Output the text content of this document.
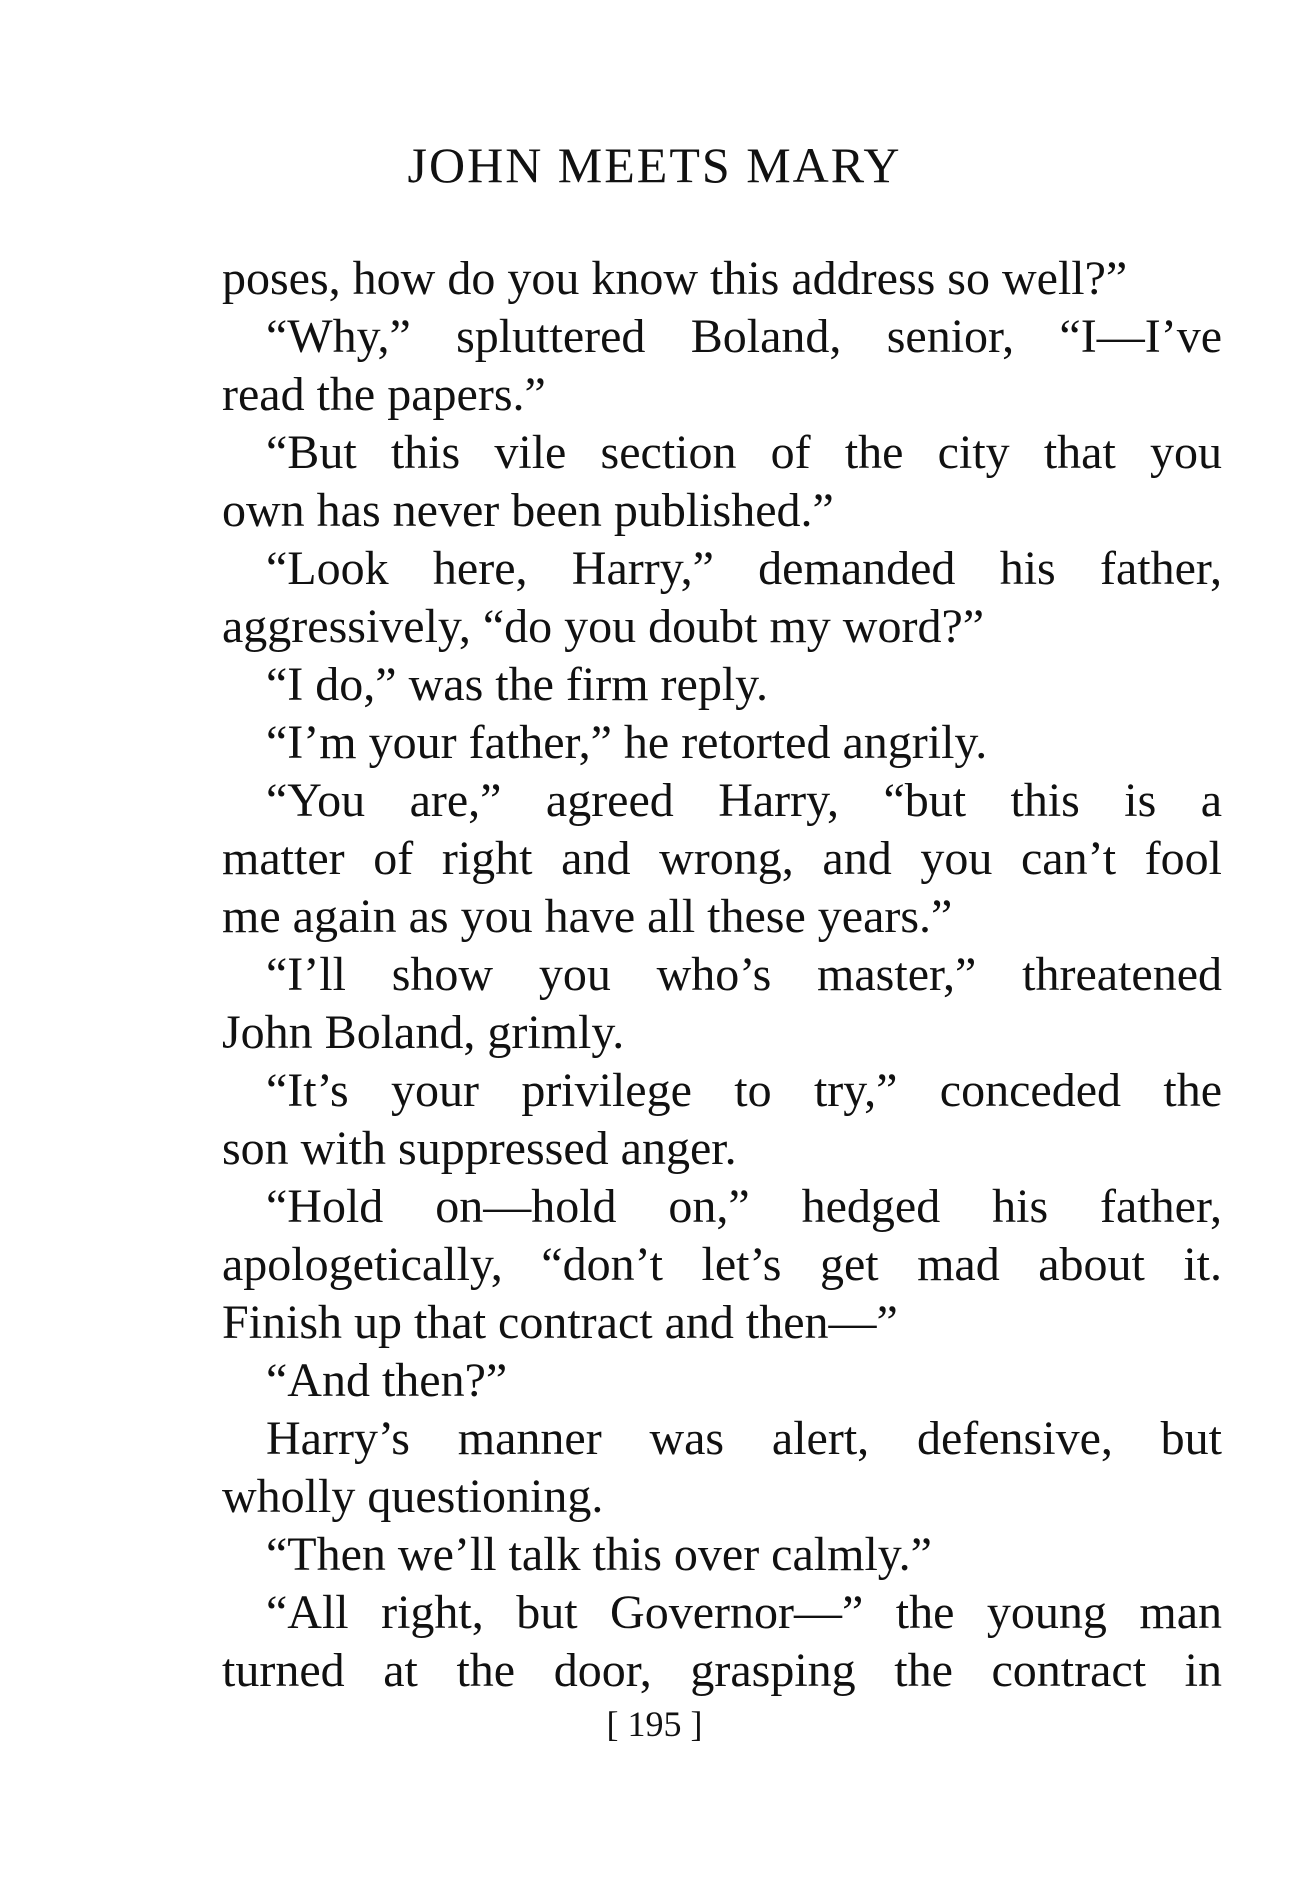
JOHN MEETS MARY
poses, how do you know this address so well?”
“Why,” spluttered Boland, senior, “I—I’ve
read the papers.”
“But this vile section of the city that you
own has never been published.”
“Look here, Harry,” demanded his father,
aggressively, “do you doubt my word?”
“I do,” was the firm reply.
“I’m your father,” he retorted angrily.
“You are,” agreed Harry, “but this is a
matter of right and wrong, and you can’t fool
me again as you have all these years.”
“I’ll show you who’s master,” threatened
John Boland, grimly.
“It’s your privilege to try,” conceded the
son with suppressed anger.
“Hold on—hold on,” hedged his father,
apologetically, “don’t let’s get mad about it.
Finish up that contract and then—”
“And then?”
Harry’s manner was alert, defensive, but
wholly questioning.
“Then we’ll talk this over calmly.”
“All right, but Governor—” the young man
turned at the door, grasping the contract in
[ 195 ]
